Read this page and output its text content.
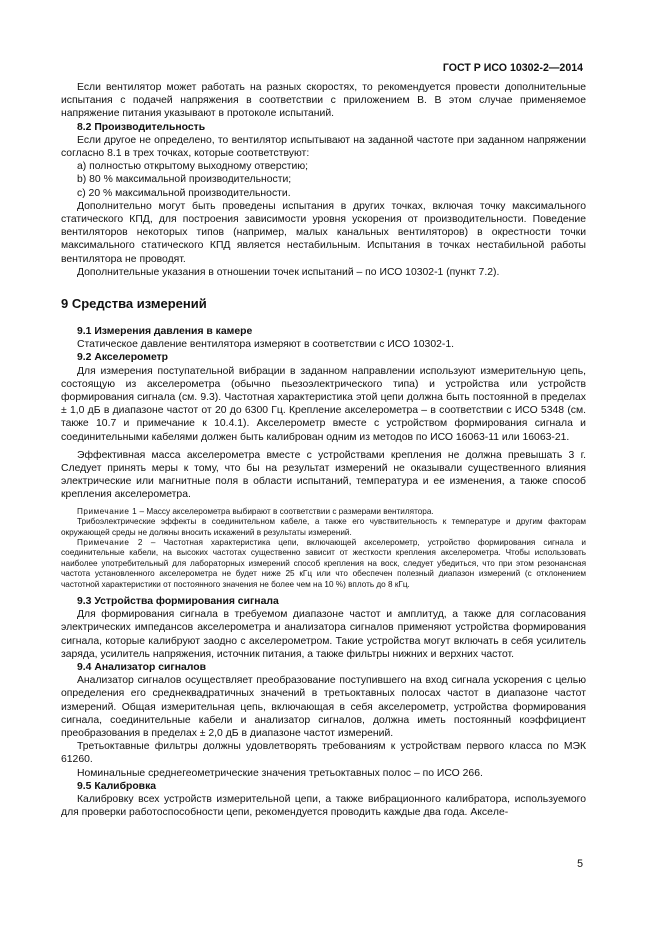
ГОСТ Р ИСО 10302-2—2014

Если вентилятор может работать на разных скоростях, то рекомендуется провести дополнительные испытания с подачей напряжения в соответствии с приложением В. В этом случае применяемое напряжение питания указывают в протоколе испытаний.

8.2 Производительность

Если другое не определено, то вентилятор испытывают на заданной частоте при заданном напряжении согласно 8.1 в трех точках, которые соответствуют:

a) полностью открытому выходному отверстию;

b) 80 % максимальной производительности;

c) 20 % максимальной производительности.

Дополнительно могут быть проведены испытания в других точках, включая точку максимального статического КПД, для построения зависимости уровня ускорения от производительности. Поведение вентиляторов некоторых типов (например, малых канальных вентиляторов) в окрестности точки максимального статического КПД является нестабильным. Испытания в точках нестабильной работы вентилятора не проводят.

Дополнительные указания в отношении точек испытаний – по ИСО 10302-1 (пункт 7.2).

9 Средства измерений

9.1 Измерения давления в камере

Статическое давление вентилятора измеряют в соответствии с ИСО 10302-1.

9.2 Акселерометр

Для измерения поступательной вибрации в заданном направлении используют измерительную цепь, состоящую из акселерометра (обычно пьезоэлектрического типа) и устройства или устройств формирования сигнала (см. 9.3). Частотная характеристика этой цепи должна быть постоянной в пределах ± 1,0 дБ в диапазоне частот от 20 до 6300 Гц. Крепление акселерометра – в соответствии с ИСО 5348 (см. также 10.7 и примечание к 10.4.1). Акселерометр вместе с устройством формирования сигнала и соединительными кабелями должен быть калиброван одним из методов по ИСО 16063-11 или 16063-21.

Эффективная масса акселерометра вместе с устройствами крепления не должна превышать 3 г. Следует принять меры к тому, что бы на результат измерений не оказывали существенного влияния электрические или магнитные поля в области испытаний, температура и ее изменения, а также способ крепления акселерометра.

Примечание 1 – Массу акселерометра выбирают в соответствии с размерами вентилятора.

Трибоэлектрические эффекты в соединительном кабеле, а также его чувствительность к температуре и другим факторам окружающей среды не должны вносить искажений в результаты измерений.

Примечание 2 – Частотная характеристика цепи, включающей акселерометр, устройство формирования сигнала и соединительные кабели, на высоких частотах существенно зависит от жесткости крепления акселерометра. Чтобы использовать наиболее употребительный для лабораторных измерений способ крепления на воск, следует убедиться, что при этом резонансная частота установленного акселерометра не будет ниже 25 кГц или что обеспечен полезный диапазон измерений (с отклонением частотной характеристики от постоянного значения не более чем на 10 %) вплоть до 8 кГц.

9.3 Устройства формирования сигнала

Для формирования сигнала в требуемом диапазоне частот и амплитуд, а также для согласования электрических импедансов акселерометра и анализатора сигналов применяют устройства формирования сигнала, которые калибруют заодно с акселерометром. Такие устройства могут включать в себя усилитель заряда, усилитель напряжения, источник питания, а также фильтры нижних и верхних частот.

9.4 Анализатор сигналов

Анализатор сигналов осуществляет преобразование поступившего на вход сигнала ускорения с целью определения его среднеквадратичных значений в третьоктавных полосах частот в диапазоне частот измерений. Общая измерительная цепь, включающая в себя акселерометр, устройства формирования сигнала, соединительные кабели и анализатор сигналов, должна иметь постоянный коэффициент преобразования в пределах ± 2,0 дБ в диапазоне частот измерений.

Третьоктавные фильтры должны удовлетворять требованиям к устройствам первого класса по МЭК 61260.

Номинальные среднегеометрические значения третьоктавных полос – по ИСО 266.

9.5 Калибровка

Калибровку всех устройств измерительной цепи, а также вибрационного калибратора, используемого для проверки работоспособности цепи, рекомендуется проводить каждые два года. Аксeле-

5
